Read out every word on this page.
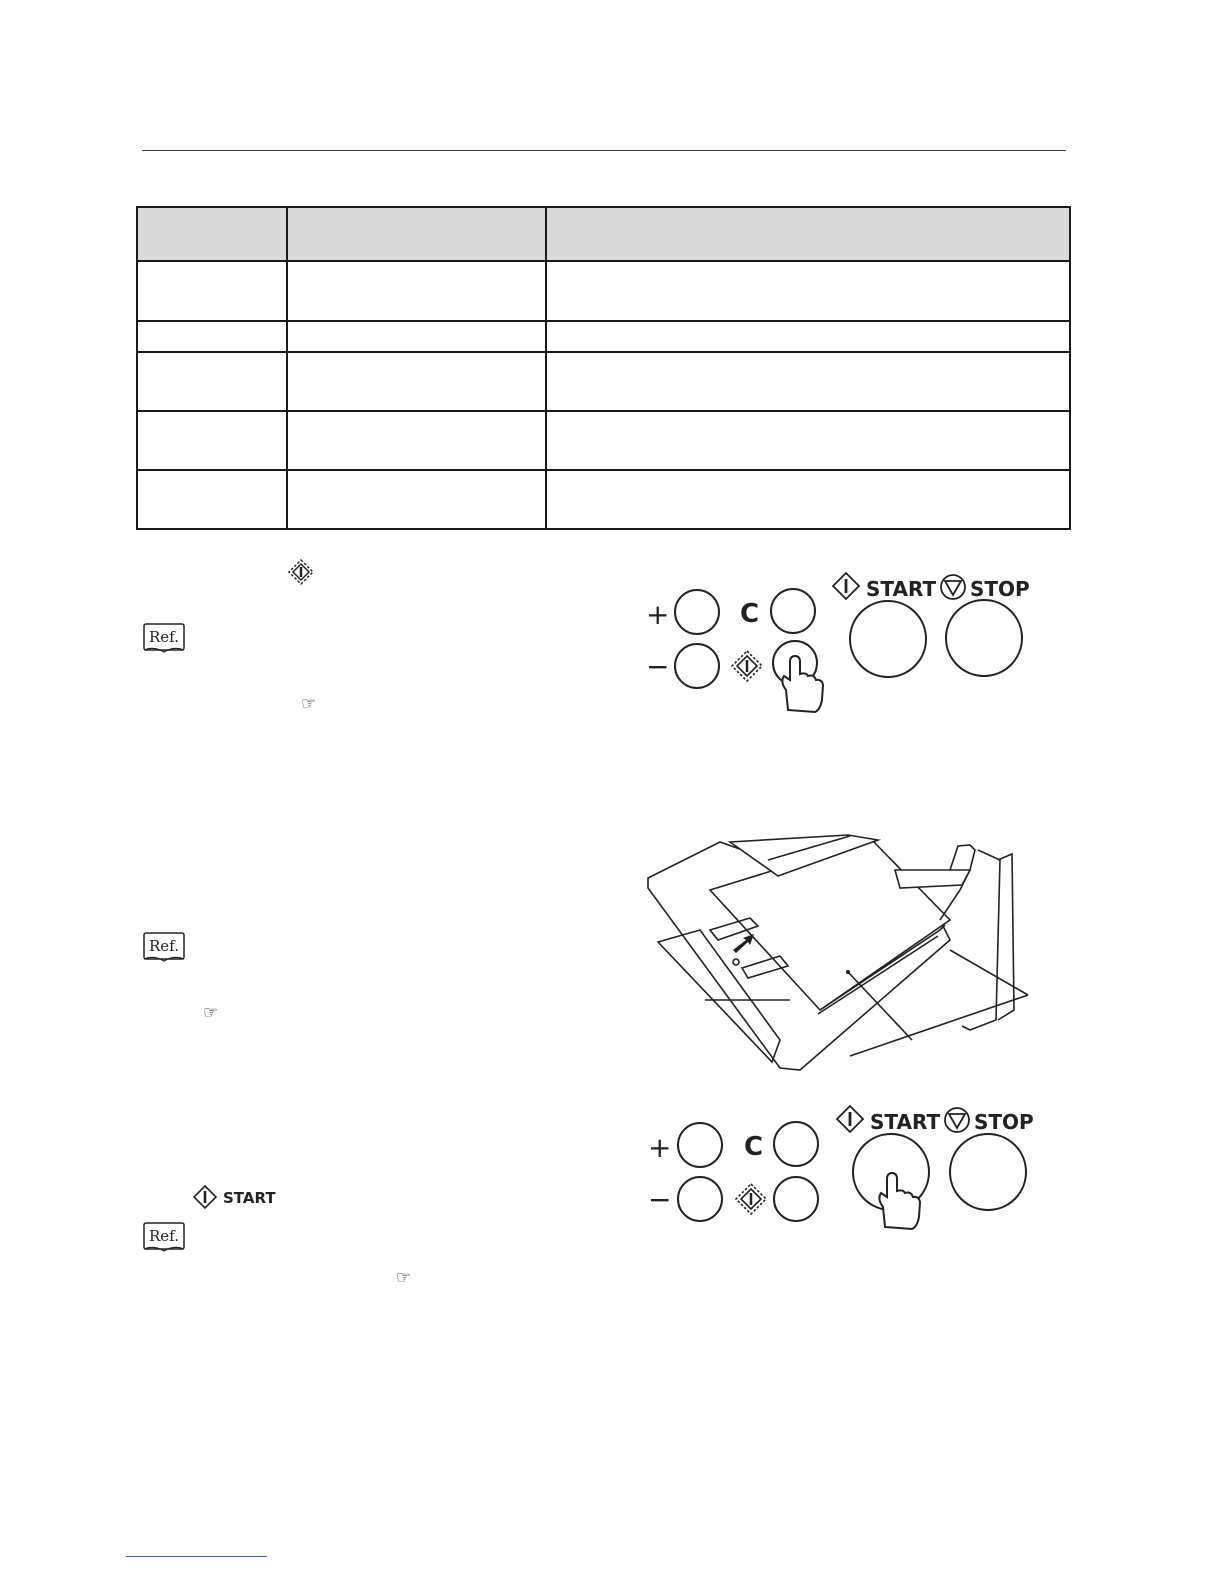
Ref.
Ref.
Ref.
☞
☞
☞
START
+	C
−
START STOP
+	C
−
START STOP
